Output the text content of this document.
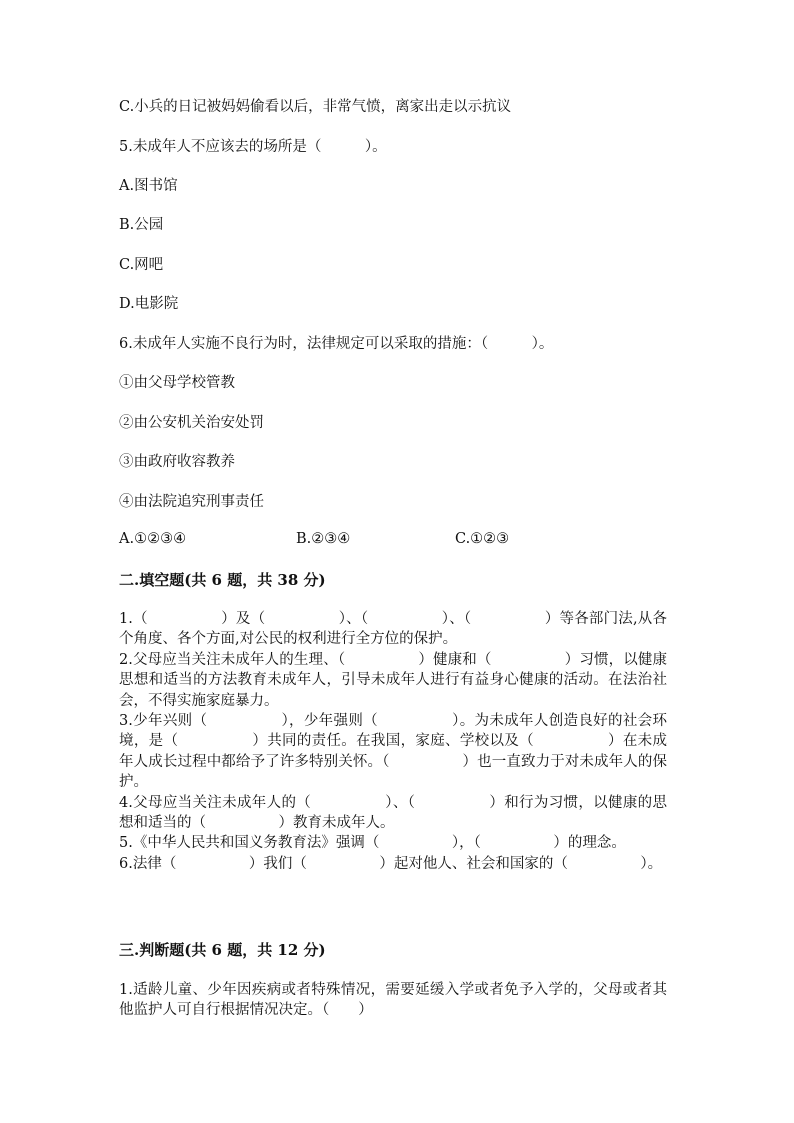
C.小兵的日记被妈妈偷看以后，非常气愤，离家出走以示抗议
5.未成年人不应该去的场所是（　　　）。
A.图书馆
B.公园
C.网吧
D.电影院
6.未成年人实施不良行为时，法律规定可以采取的措施：（　　　）。
①由父母学校管教
②由公安机关治安处罚
③由政府收容教养
④由法院追究刑事责任
A.①②③④	B.②③④	C.①②③
二.填空题(共 6 题，共 38 分)

1.（　　　　　）及（　　　　　）、（　　　　　）、（　　　　　）等各部门法,从各个角度、各个方面,对公民的权利进行全方位的保护。

2.父母应当关注未成年人的生理、（　　　　　）健康和（　　　　　）习惯，以健康思想和适当的方法教育未成年人，引导未成年人进行有益身心健康的活动。在法治社会，不得实施家庭暴力。

3.少年兴则（　　　　　），少年强则（　　　　　）。为未成年人创造良好的社会环境，是（　　　　　）共同的责任。在我国，家庭、学校以及（　　　　　）在未成年人成长过程中都给予了许多特别关怀。（　　　　　）也一直致力于对未成年人的保护。

4.父母应当关注未成年人的（　　　　　）、（　　　　　）和行为习惯，以健康的思想和适当的（　　　　　）教育未成年人。

5.《中华人民共和国义务教育法》强调（　　　　　），（　　　　　）的理念。

6.法律（　　　　　）我们（　　　　　）起对他人、社会和国家的（　　　　　）。

三.判断题(共 6 题，共 12 分)

1.适龄儿童、少年因疾病或者特殊情况，需要延缓入学或者免予入学的，父母或者其他监护人可自行根据情况决定。（　　）
